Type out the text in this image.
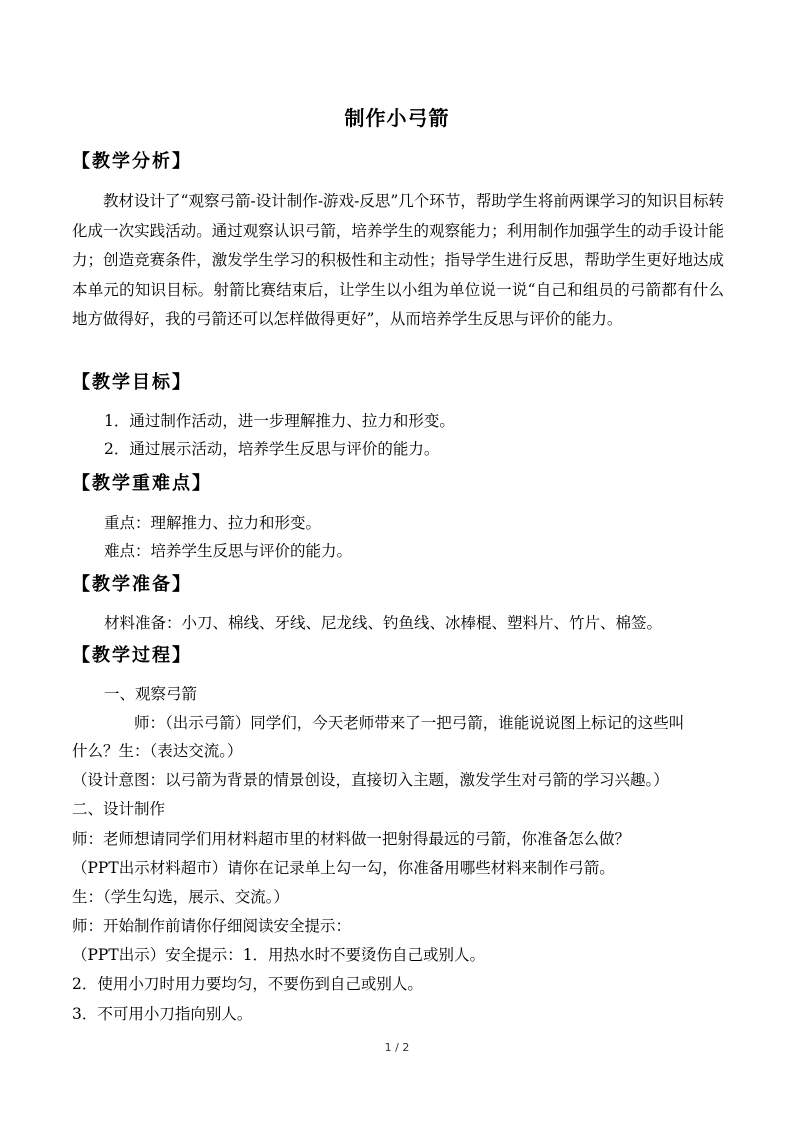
制作小弓箭
【教学分析】
教材设计了“观察弓箭-设计制作-游戏-反思”几个环节，帮助学生将前两课学习的知识目标转化成一次实践活动。通过观察认识弓箭，培养学生的观察能力；利用制作加强学生的动手设计能力；创造竞赛条件，激发学生学习的积极性和主动性；指导学生进行反思，帮助学生更好地达成本单元的知识目标。射箭比赛结束后，让学生以小组为单位说一说“自己和组员的弓箭都有什么地方做得好，我的弓箭还可以怎样做得更好”，从而培养学生反思与评价的能力。
【教学目标】
1．通过制作活动，进一步理解推力、拉力和形变。
2．通过展示活动，培养学生反思与评价的能力。
【教学重难点】
重点：理解推力、拉力和形变。
难点：培养学生反思与评价的能力。
【教学准备】
材料准备：小刀、棉线、牙线、尼龙线、钓鱼线、冰棒棍、塑料片、竹片、棉签。
【教学过程】
一、观察弓箭
师：（出示弓箭）同学们，今天老师带来了一把弓箭，谁能说说图上标记的这些叫
什么？生：（表达交流。）
（设计意图：以弓箭为背景的情景创设，直接切入主题，激发学生对弓箭的学习兴趣。）
二、设计制作
师：老师想请同学们用材料超市里的材料做一把射得最远的弓箭，你准备怎么做？
（PPT出示材料超市）请你在记录单上勾一勾，你准备用哪些材料来制作弓箭。
生：（学生勾选，展示、交流。）
师：开始制作前请你仔细阅读安全提示：
（PPT出示）安全提示：1．用热水时不要烫伤自己或别人。
2．使用小刀时用力要均匀，不要伤到自己或别人。
3．不可用小刀指向别人。
1 / 2
